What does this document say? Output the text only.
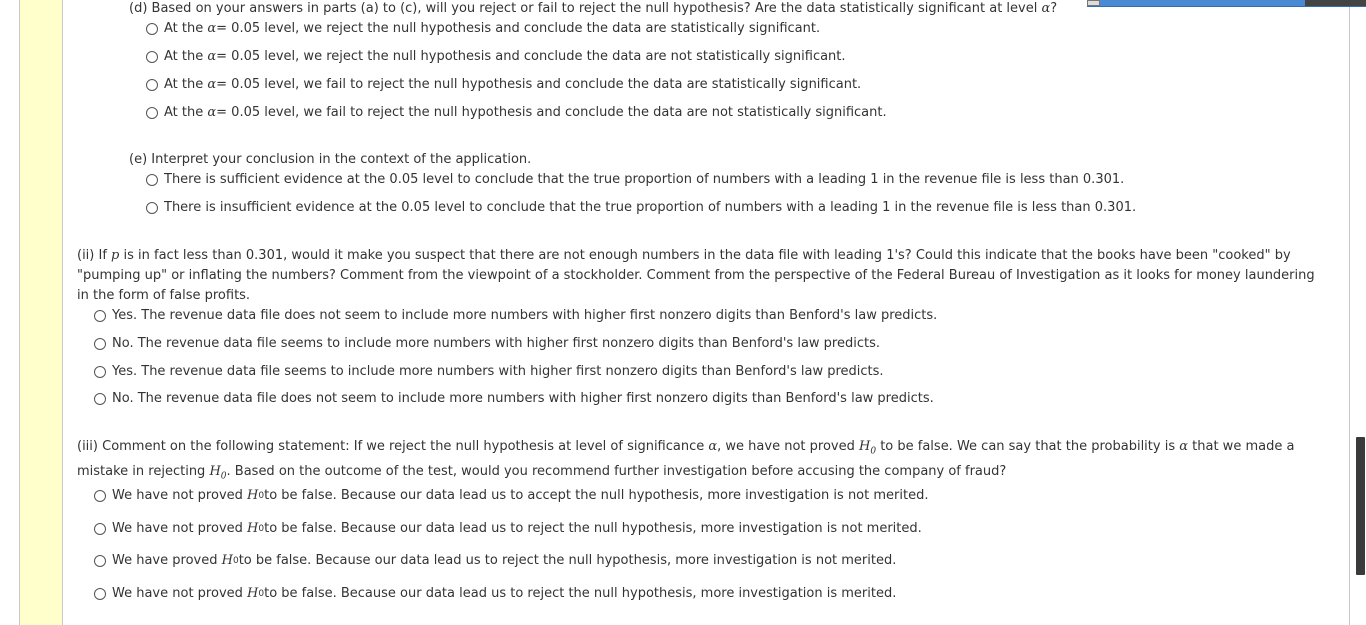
(d) Based on your answers in parts (a) to (c), will you reject or fail to reject the null hypothesis? Are the data statistically significant at level α?
At the
α = 0.05 level, we reject the null hypothesis and conclude the data are statistically significant.
At the
α = 0.05 level, we reject the null hypothesis and conclude the data are not statistically significant.
At the
α = 0.05 level, we fail to reject the null hypothesis and conclude the data are statistically significant.
At the
α = 0.05 level, we fail to reject the null hypothesis and conclude the data are not statistically significant.
(e) Interpret your conclusion in the context of the application.
There is sufficient evidence at the 0.05 level to conclude that the true proportion of numbers with a leading 1 in the revenue file is less than 0.301.
There is insufficient evidence at the 0.05 level to conclude that the true proportion of numbers with a leading 1 in the revenue file is less than 0.301.
(ii) If p is in fact less than 0.301, would it make you suspect that there are not enough numbers in the data file with leading 1's? Could this indicate that the books have been "cooked" by "pumping up" or inflating the numbers? Comment from the viewpoint of a stockholder. Comment from the perspective of the Federal Bureau of Investigation as it looks for money laundering in the form of false profits.
Yes. The revenue data file does not seem to include more numbers with higher first nonzero digits than Benford's law predicts.
No. The revenue data file seems to include more numbers with higher first nonzero digits than Benford's law predicts.
Yes. The revenue data file seems to include more numbers with higher first nonzero digits than Benford's law predicts.
No. The revenue data file does not seem to include more numbers with higher first nonzero digits than Benford's law predicts.
(iii) Comment on the following statement: If we reject the null hypothesis at level of significance α, we have not proved $H_0$ to be false. We can say that the probability is α that we made a
mistake in rejecting $H_0$. Based on the outcome of the test, would you recommend further investigation before accusing the company of fraud?
We have not proved
H 0 to be false. Because our data lead us to accept the null hypothesis, more investigation is not merited.
We have not proved
H 0 to be false. Because our data lead us to reject the null hypothesis, more investigation is not merited.
We have proved
H 0 to be false. Because our data lead us to reject the null hypothesis, more investigation is not merited.
We have not proved
H 0 to be false. Because our data lead us to reject the null hypothesis, more investigation is merited.
